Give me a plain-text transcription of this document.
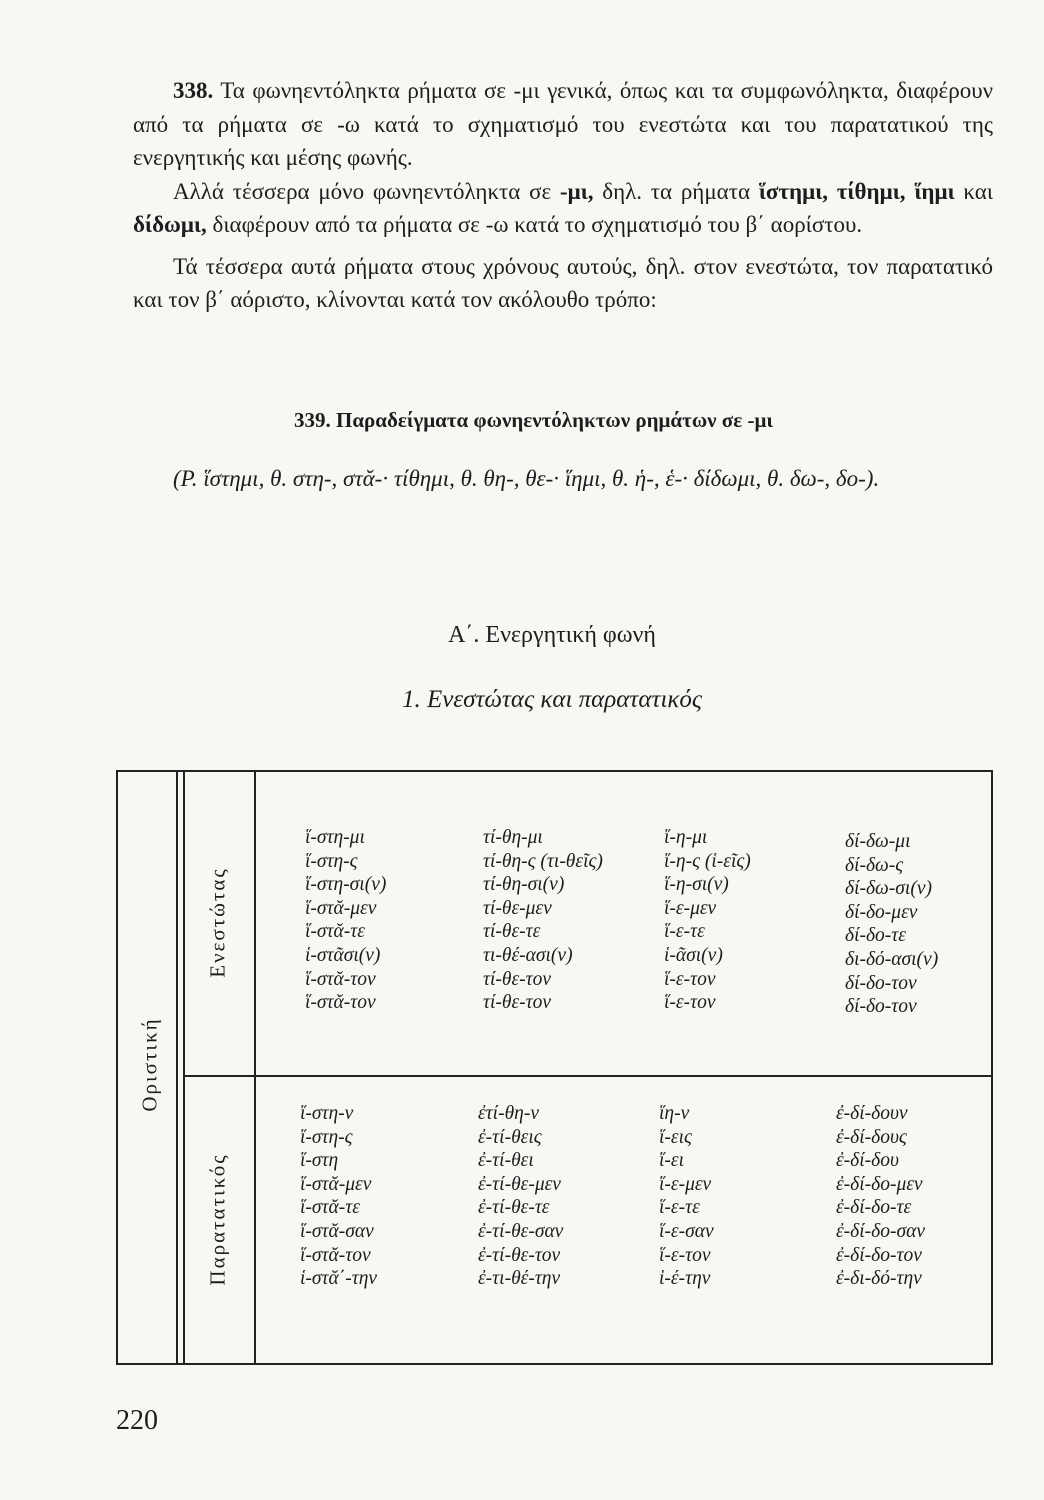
338. Τα φωνηεντόληκτα ρήματα σε -μι γενικά, όπως και τα συμφωνόληκτα, διαφέρουν από τα ρήματα σε -ω κατά το σχηματισμό του ενεστώτα και του παρατατικού της ενεργητικής και μέσης φωνής.

Αλλά τέσσερα μόνο φωνηεντόληκτα σε -μι, δηλ. τα ρήματα ἵστημι, τίθημι, ἵημι και δίδωμι, διαφέρουν από τα ρήματα σε -ω κατά το σχηματισμό του β΄ αορίστου.

Τά τέσσερα αυτά ρήματα στους χρόνους αυτούς, δηλ. στον ενεστώτα, τον παρατατικό και τον β΄ αόριστο, κλίνονται κατά τον ακόλουθο τρόπο:

339. Παραδείγματα φωνηεντόληκτων ρημάτων σε -μι
(Ρ. ἵστημι, θ. στη-, στᾰ-· τίθημι, θ. θη-, θε-· ἵημι, θ. ἡ-, ἑ-· δίδωμι, θ. δω-, δο-).
Α΄. Ενεργητική φωνή
1. Ενεστώτας και παρατατικός
Οριστική
Ενεστώτας
Παρατατικός
ἵ-στη-μι
ἵ-στη-ς
ἵ-στη-σι(ν)
ἵ-στᾰ-μεν
ἵ-στᾰ-τε
ἱ-στᾶσι(ν)
ἵ-στᾰ-τον
ἵ-στᾰ-τον
τί-θη-μι
τί-θη-ς (τι-θεῖς)
τί-θη-σι(ν)
τί-θε-μεν
τί-θε-τε
τι-θέ-ασι(ν)
τί-θε-τον
τί-θε-τον
ἵ-η-μι
ἵ-η-ς (ἱ-εῖς)
ἵ-η-σι(ν)
ἵ-ε-μεν
ἵ-ε-τε
ἱ-ᾶσι(ν)
ἵ-ε-τον
ἵ-ε-τον
δί-δω-μι
δί-δω-ς
δί-δω-σι(ν)
δί-δο-μεν
δί-δο-τε
δι-δό-ασι(ν)
δί-δο-τον
δί-δο-τον
ἵ-στη-ν
ἵ-στη-ς
ἵ-στη
ἵ-στᾰ-μεν
ἵ-στᾰ-τε
ἵ-στᾰ-σαν
ἵ-στᾰ-τον
ἱ-στᾰ΄-την
ἐτί-θη-ν
ἐ-τί-θεις
ἐ-τί-θει
ἐ-τί-θε-μεν
ἐ-τί-θε-τε
ἐ-τί-θε-σαν
ἐ-τί-θε-τον
ἐ-τι-θέ-την
ἵη-ν
ἵ-εις
ἵ-ει
ἵ-ε-μεν
ἵ-ε-τε
ἵ-ε-σαν
ἵ-ε-τον
ἱ-έ-την
ἐ-δί-δουν
ἐ-δί-δους
ἐ-δί-δου
ἐ-δί-δο-μεν
ἐ-δί-δο-τε
ἐ-δί-δο-σαν
ἐ-δί-δο-τον
ἐ-δι-δό-την
220
